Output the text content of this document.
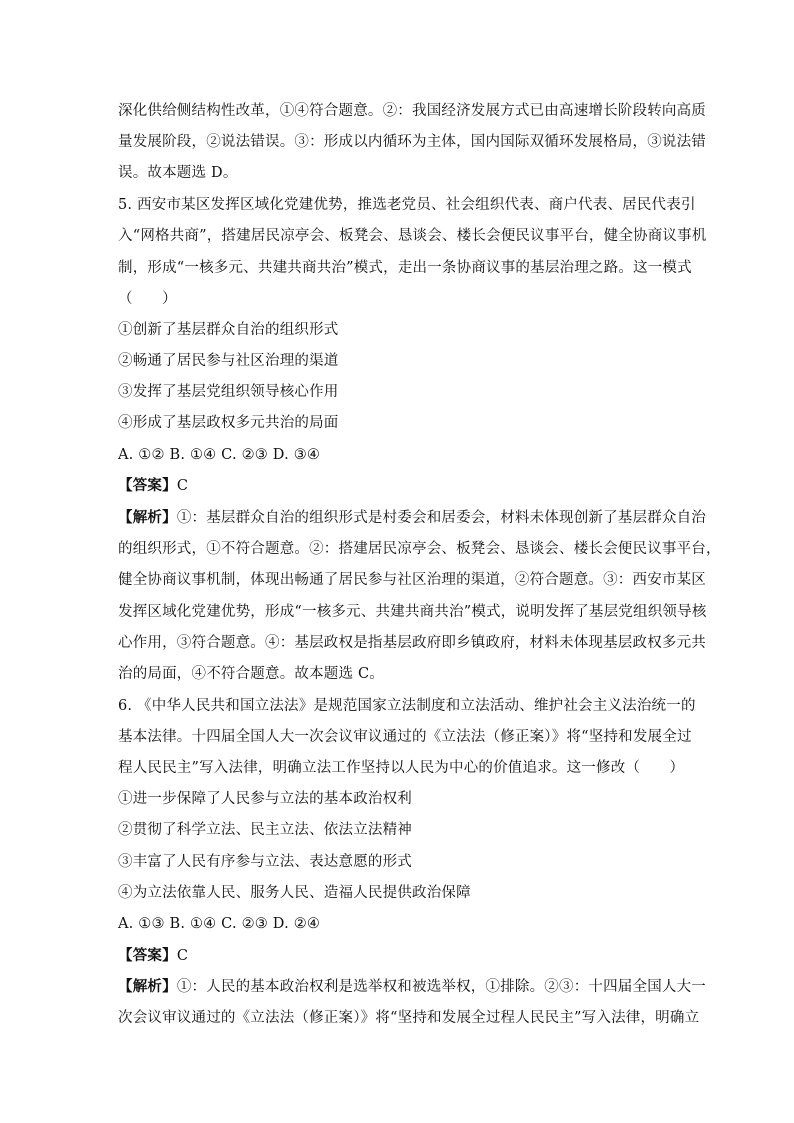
深化供给侧结构性改革，①④符合题意。②：我国经济发展方式已由高速增长阶段转向高质
量发展阶段，②说法错误。③：形成以内循环为主体，国内国际双循环发展格局，③说法错
误。故本题选 D。
5. 西安市某区发挥区域化党建优势，推选老党员、社会组织代表、商户代表、居民代表引
入“网格共商”，搭建居民凉亭会、板凳会、恳谈会、楼长会便民议事平台，健全协商议事机
制，形成“一核多元、共建共商共治”模式，走出一条协商议事的基层治理之路。这一模式
（　　）
①创新了基层群众自治的组织形式
②畅通了居民参与社区治理的渠道
③发挥了基层党组织领导核心作用
④形成了基层政权多元共治的局面
A. ①② B. ①④ C. ②③ D. ③④
【答案】C
【解析】①：基层群众自治的组织形式是村委会和居委会，材料未体现创新了基层群众自治
的组织形式，①不符合题意。②：搭建居民凉亭会、板凳会、恳谈会、楼长会便民议事平台，
健全协商议事机制，体现出畅通了居民参与社区治理的渠道，②符合题意。③：西安市某区
发挥区域化党建优势，形成“一核多元、共建共商共治”模式，说明发挥了基层党组织领导核
心作用，③符合题意。④：基层政权是指基层政府即乡镇政府，材料未体现基层政权多元共
治的局面，④不符合题意。故本题选 C。
6. 《中华人民共和国立法法》是规范国家立法制度和立法活动、维护社会主义法治统一的
基本法律。十四届全国人大一次会议审议通过的《立法法（修正案）》将“坚持和发展全过
程人民民主”写入法律，明确立法工作坚持以人民为中心的价值追求。这一修改（　　）
①进一步保障了人民参与立法的基本政治权利
②贯彻了科学立法、民主立法、依法立法精神
③丰富了人民有序参与立法、表达意愿的形式
④为立法依靠人民、服务人民、造福人民提供政治保障
A. ①③ B. ①④ C. ②③ D. ②④
【答案】C
【解析】①：人民的基本政治权利是选举权和被选举权，①排除。②③：十四届全国人大一
次会议审议通过的《立法法（修正案）》将“坚持和发展全过程人民民主”写入法律，明确立
